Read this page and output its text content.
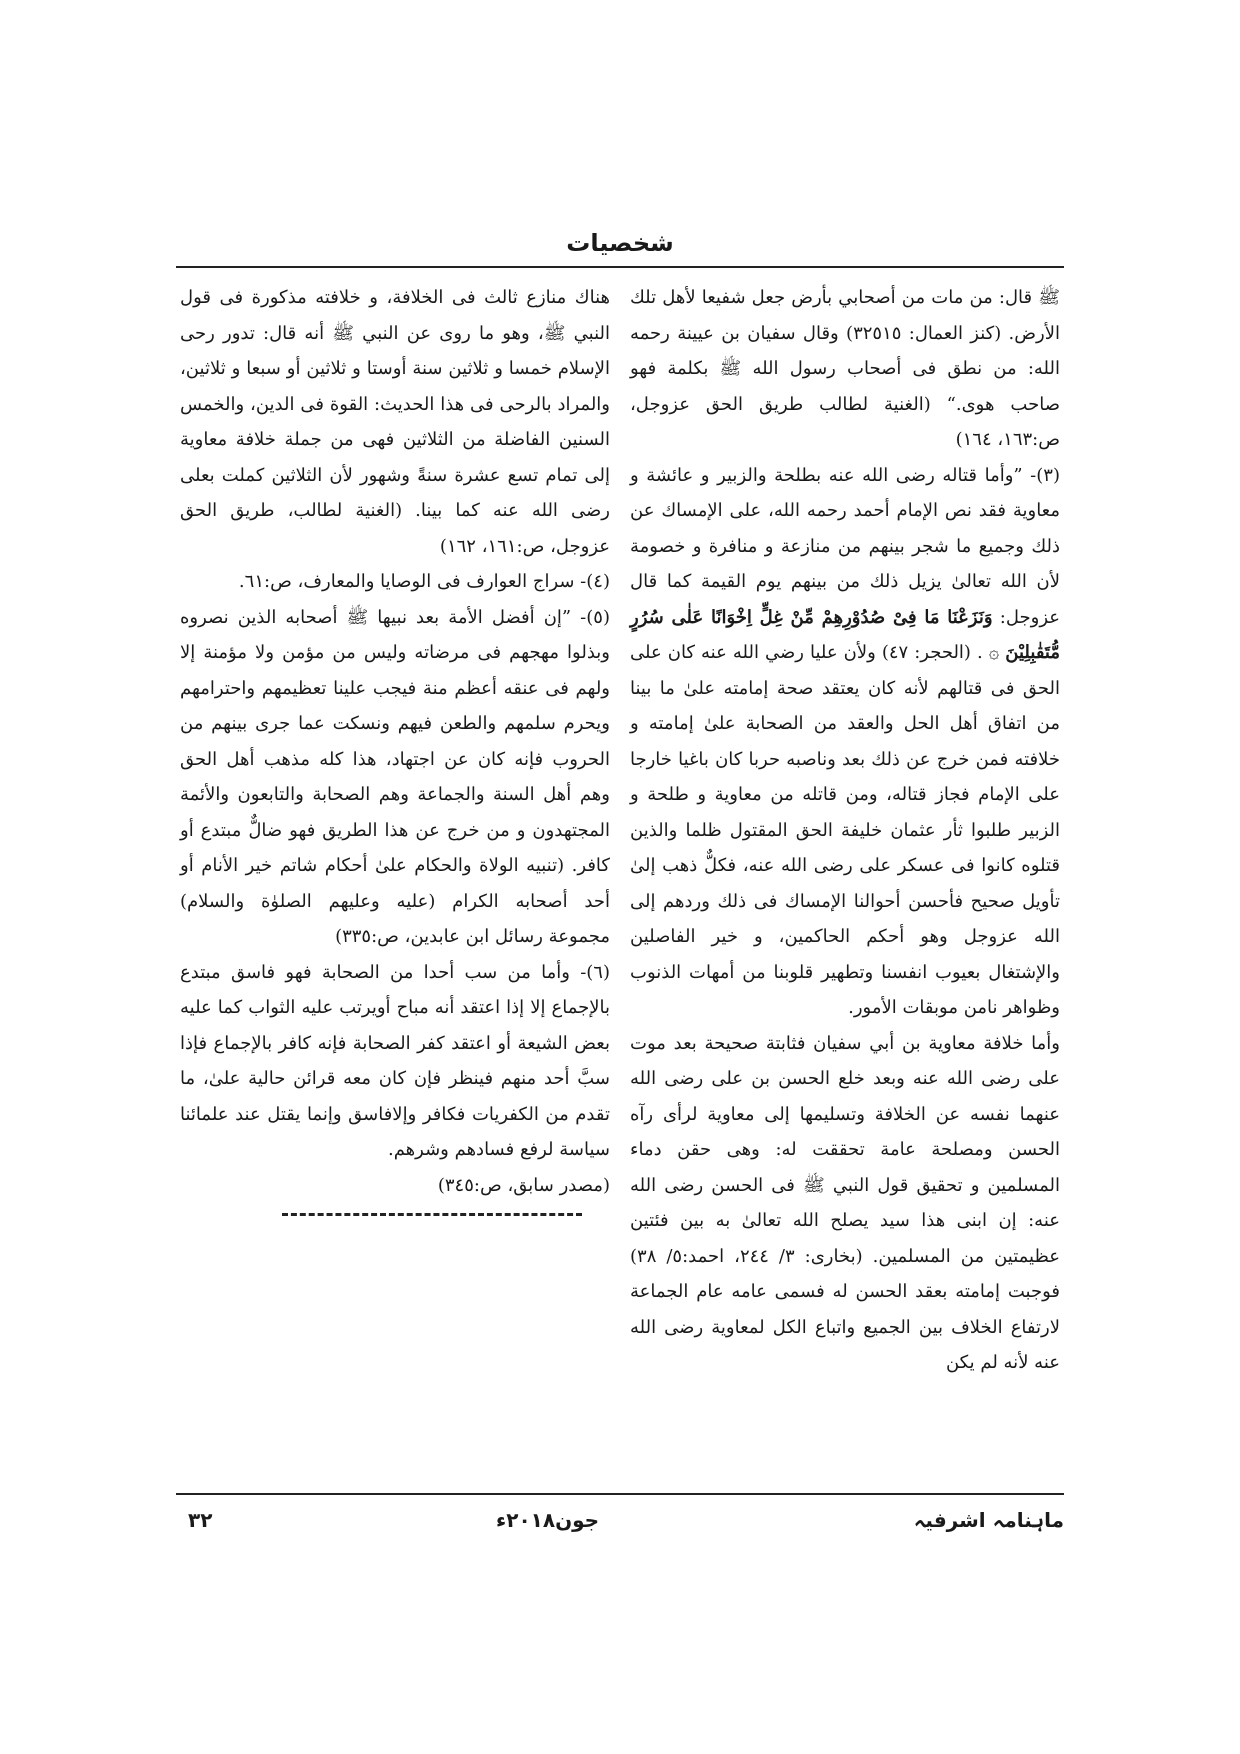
شخصيات

ﷺ قال: من مات من أصحابي بأرض جعل شفيعا لأهل تلك الأرض. (كنز العمال: ٣٢٥١٥) وقال سفيان بن عيينة رحمه الله: من نطق فى أصحاب رسول الله ﷺ بكلمة فهو صاحب هوى.“ (الغنية لطالب طريق الحق عزوجل، ص:١٦٣، ١٦٤)

(٣)- ”وأما قتاله رضى الله عنه بطلحة والزبير و عائشة و معاوية فقد نص الإمام أحمد رحمه الله، على الإمساك عن ذلك وجميع ما شجر بينهم من منازعة و منافرة و خصومة لأن الله تعالىٰ يزيل ذلك من بينهم يوم القيمة كما قال عزوجل: وَنَزَعْنَا مَا فِىْ صُدُوْرِهِمْ مِّنْ غِلٍّ اِخْوَانًا عَلٰى سُرُرٍ مُّتَقٰبِلِيْنَ ۞ . (الحجر: ٤٧) ولأن عليا رضي الله عنه كان على الحق فى قتالهم لأنه كان يعتقد صحة إمامته علىٰ ما بينا من اتفاق أهل الحل والعقد من الصحابة علىٰ إمامته و خلافته فمن خرج عن ذلك بعد وناصبه حربا كان باغيا خارجا على الإمام فجاز قتاله، ومن قاتله من معاوية و طلحة و الزبير طلبوا ثأر عثمان خليفة الحق المقتول ظلما والذين قتلوه كانوا فى عسكر على رضى الله عنه، فكلٌّ ذهب إلىٰ تأويل صحيح فأحسن أحوالنا الإمساك فى ذلك وردهم إلى الله عزوجل وهو أحكم الحاكمين، و خير الفاصلين والإشتغال بعيوب انفسنا وتطهير قلوبنا من أمهات الذنوب وظواهر نامن موبقات الأمور.

وأما خلافة معاوية بن أبي سفيان فثابتة صحيحة بعد موت على رضى الله عنه وبعد خلع الحسن بن على رضى الله عنهما نفسه عن الخلافة وتسليمها إلى معاوية لرأى رآه الحسن ومصلحة عامة تحققت له: وهى حقن دماء المسلمين و تحقيق قول النبي ﷺ فى الحسن رضى الله عنه: إن ابنى هذا سيد يصلح الله تعالىٰ به بين فئتين عظيمتين من المسلمين. (بخارى: ٣/ ٢٤٤، احمد:٥/ ٣٨) فوجبت إمامته بعقد الحسن له فسمى عامه عام الجماعة لارتفاع الخلاف بين الجميع واتباع الكل لمعاوية رضى الله عنه لأنه لم يكن

هناك منازع ثالث فى الخلافة، و خلافته مذكورة فى قول النبي ﷺ، وهو ما روى عن النبي ﷺ أنه قال: تدور رحى الإسلام خمسا و ثلاثين سنة أوستا و ثلاثين أو سبعا و ثلاثين، والمراد بالرحى فى هذا الحديث: القوة فى الدين، والخمس السنين الفاضلة من الثلاثين فهى من جملة خلافة معاوية إلى تمام تسع عشرة سنةً وشهور لأن الثلاثين كملت بعلى رضى الله عنه كما بينا. (الغنية لطالب، طريق الحق عزوجل، ص:١٦١، ١٦٢)

(٤)- سراج العوارف فى الوصايا والمعارف، ص:٦١.

(٥)- ”إن أفضل الأمة بعد نبيها ﷺ أصحابه الذين نصروه وبذلوا مهجهم فى مرضاته وليس من مؤمن ولا مؤمنة إلا ولهم فى عنقه أعظم منة فيجب علينا تعظيمهم واحترامهم ويحرم سلمهم والطعن فيهم ونسكت عما جرى بينهم من الحروب فإنه كان عن اجتهاد، هذا كله مذهب أهل الحق وهم أهل السنة والجماعة وهم الصحابة والتابعون والأئمة المجتهدون و من خرج عن هذا الطريق فهو ضالٌّ مبتدع أو كافر. (تنبيه الولاة والحكام علىٰ أحكام شاتم خير الأنام أو أحد أصحابه الكرام (عليه وعليهم الصلوٰة والسلام) مجموعة رسائل ابن عابدين، ص:٣٣٥)

(٦)- وأما من سب أحدا من الصحابة فهو فاسق مبتدع بالإجماع إلا إذا اعتقد أنه مباح أويرتب عليه الثواب كما عليه بعض الشيعة أو اعتقد كفر الصحابة فإنه كافر بالإجماع فإذا سبَّ أحد منهم فينظر فإن كان معه قرائن حالية علىٰ، ما تقدم من الكفريات فكافر وإلافاسق وإنما يقتل عند علمائنا سياسة لرفع فسادهم وشرهم.

(مصدر سابق، ص:٣٤٥)

ماہنامہ اشرفیہ
جون۲۰۱۸ء
۳۲
